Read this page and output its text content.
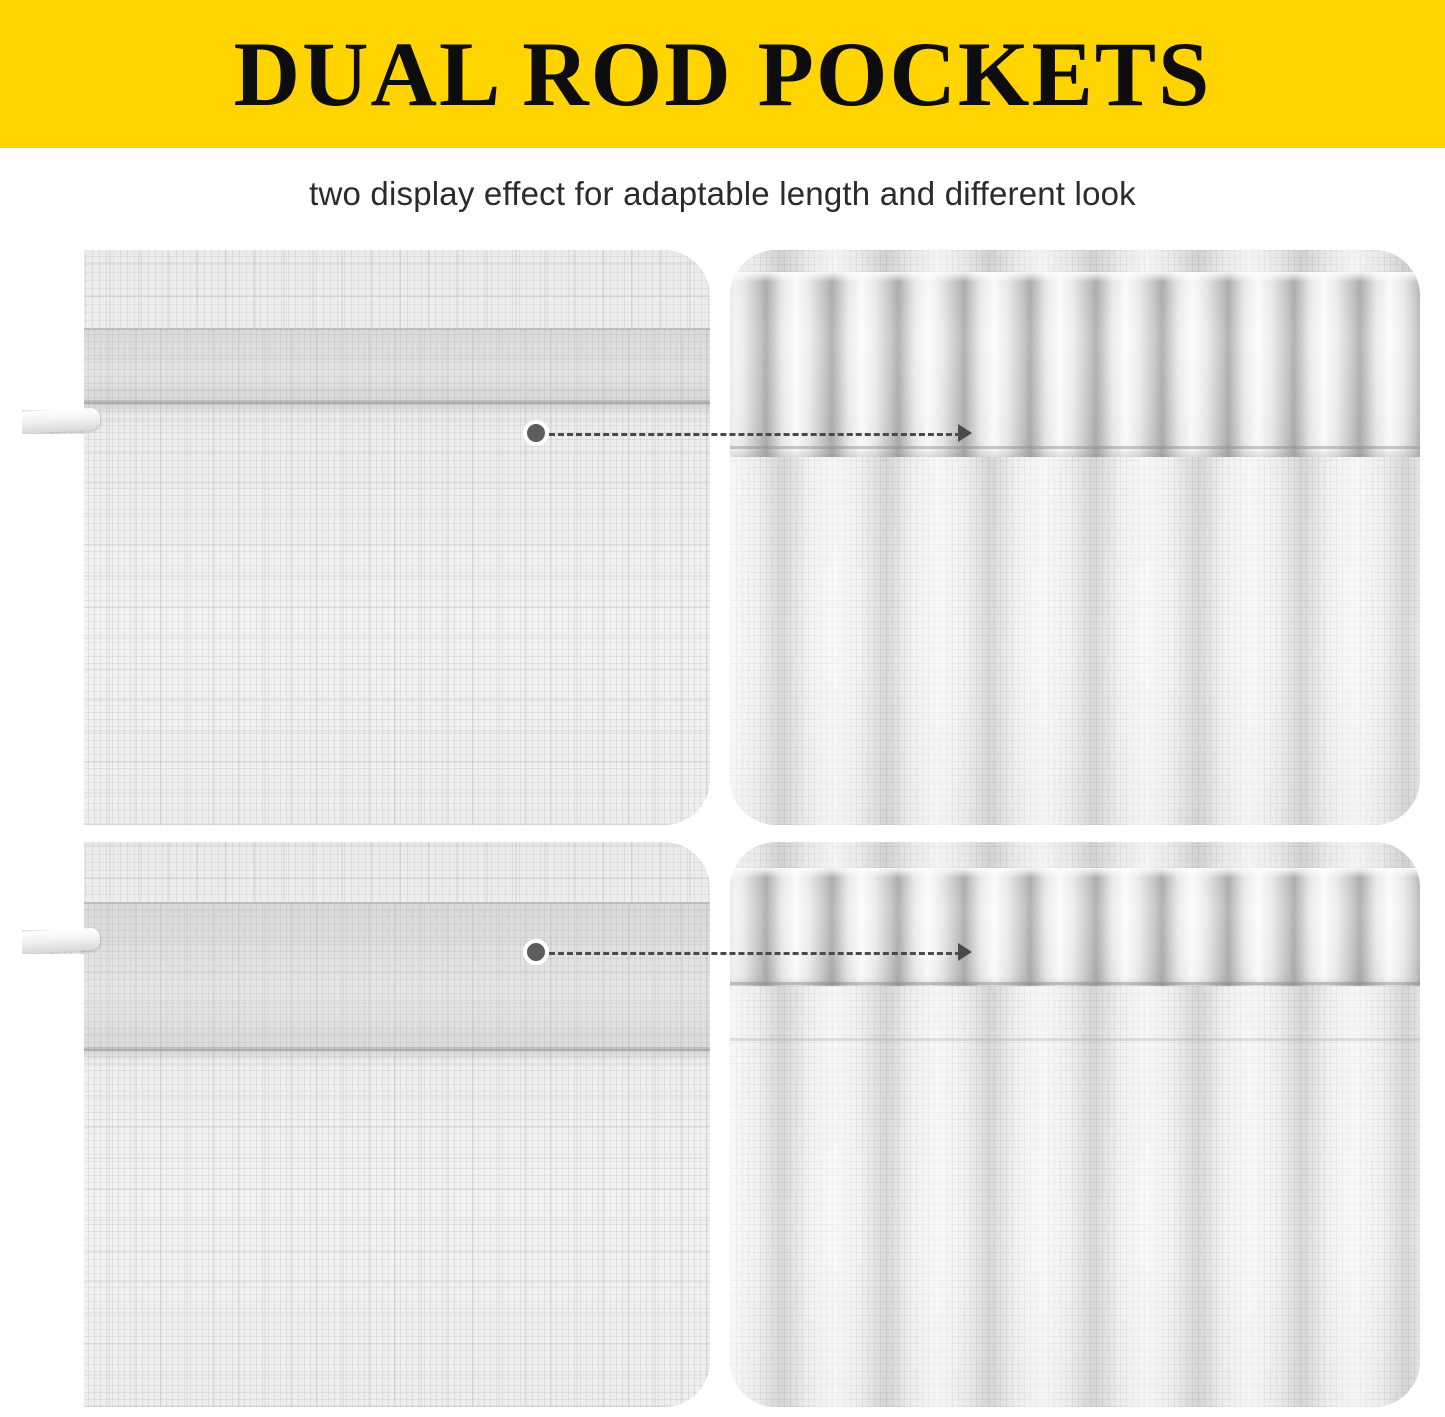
DUAL ROD POCKETS
two display effect for adaptable length and different look
